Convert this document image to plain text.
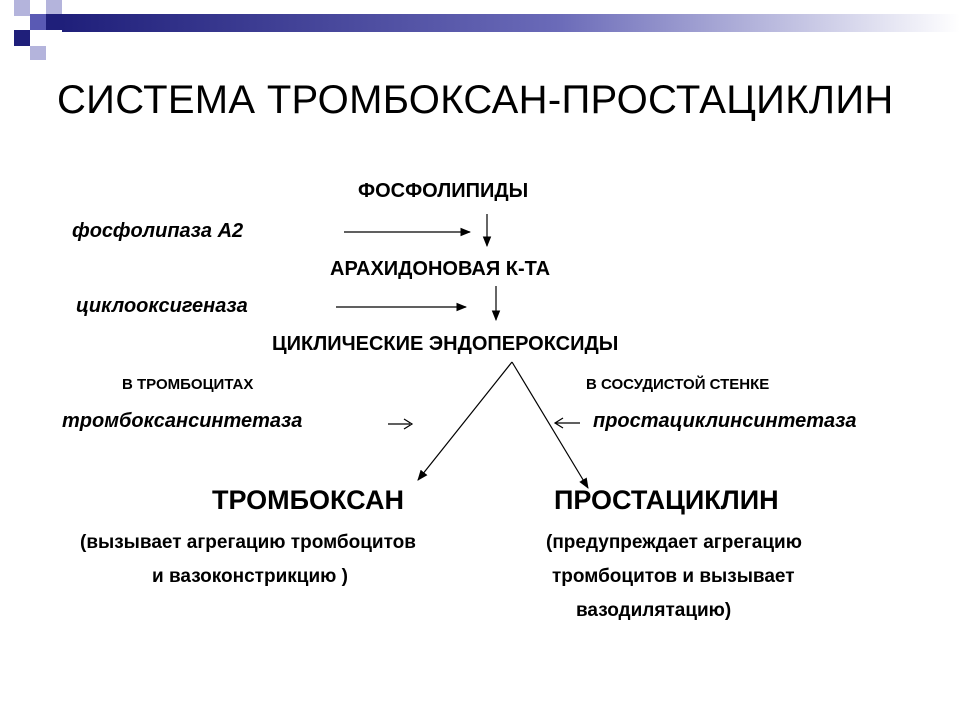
СИСТЕМА ТРОМБОКСАН-ПРОСТАЦИКЛИН
ФОСФОЛИПИДЫ
фосфолипаза А2
АРАХИДОНОВАЯ К-ТА
циклооксигеназа
ЦИКЛИЧЕСКИЕ ЭНДОПЕРОКСИДЫ
В ТРОМБОЦИТАХ	В СОСУДИСТОЙ СТЕНКЕ
тромбоксансинтетаза	простациклинсинтетаза
ТРОМБОКСАН	ПРОСТАЦИКЛИН
(вызывает агрегацию тромбоцитов
и вазоконстрикцию )
(предупреждает агрегацию
тромбоцитов и вызывает
вазодилятацию)
